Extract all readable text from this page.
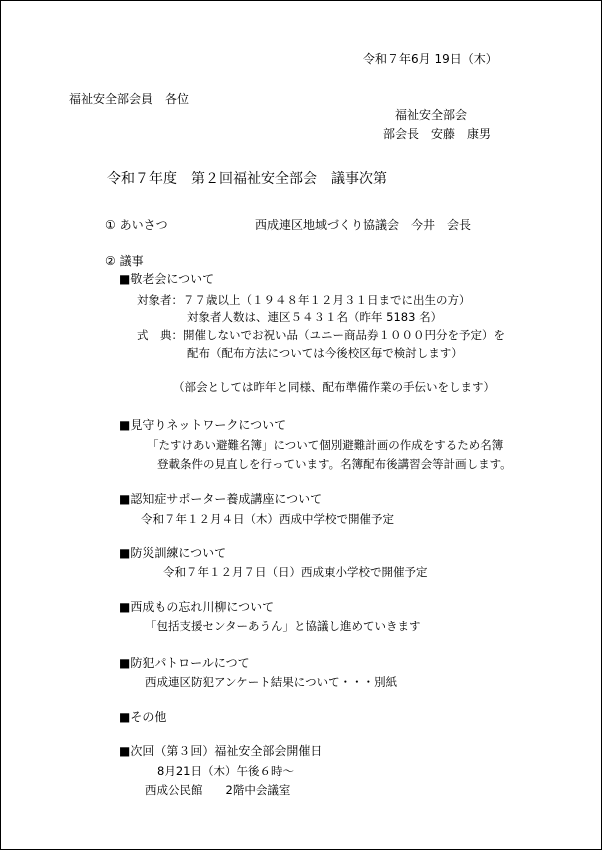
令和７年6月 19日（木）
福祉安全部会員　各位
福祉安全部会
部会長　安藤　康男
令和７年度　第２回福祉安全部会　議事次第
① あいさつ	西成連区地域づくり協議会　今井　会長
② 議事
■敬老会について
対象者：７７歳以上（１９４８年１２月３１日までに出生の方）
対象者人数は、連区５４３１名（昨年 5183 名）
式　典：開催しないでお祝い品（ユニー商品券１０００円分を予定）を
配布（配布方法については今後校区毎で検討します）
（部会としては昨年と同様、配布準備作業の手伝いをします）
■見守りネットワークについて
「たすけあい避難名簿」について個別避難計画の作成をするため名簿
登載条件の見直しを行っています。名簿配布後講習会等計画します。
■認知症サポーター養成講座について
令和７年１２月４日（木）西成中学校で開催予定
■防災訓練について
令和７年１２月７日（日）西成東小学校で開催予定
■西成もの忘れ川柳について
「包括支援センターあうん」と協議し進めていきます
■防犯パトロールにつて
西成連区防犯アンケート結果について・・・別紙
■その他
■次回（第３回）福祉安全部会開催日
8月21日（木）午後６時～
西成公民館　　2階中会議室
